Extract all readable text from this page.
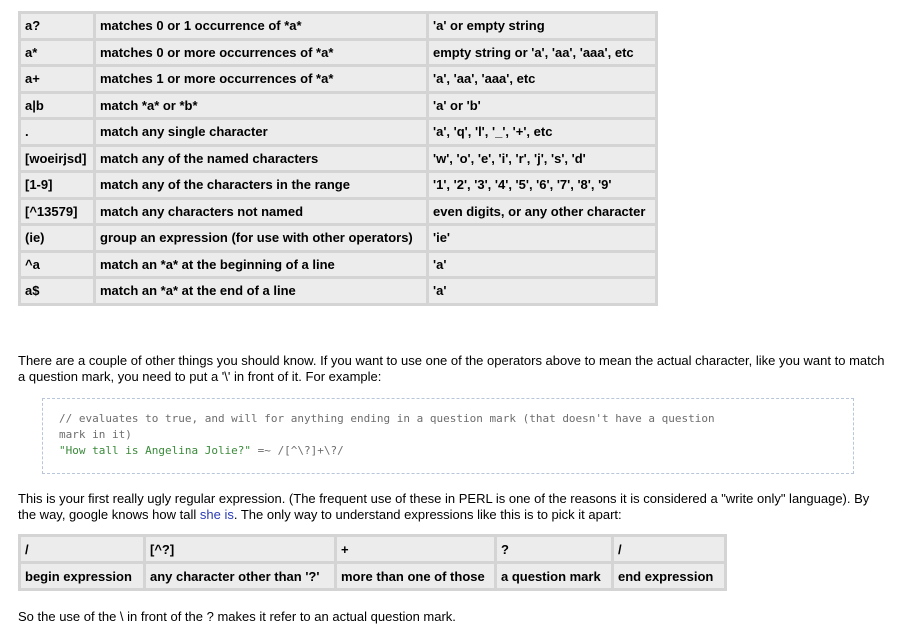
a?	matches 0 or 1 occurrence of *a*	'a' or empty string
a*	matches 0 or more occurrences of *a*	empty string or 'a', 'aa', 'aaa', etc
a+	matches 1 or more occurrences of *a*	'a', 'aa', 'aaa', etc
a|b	match *a* or *b*	'a' or 'b'
.	match any single character	'a', 'q', 'l', '_', '+', etc
[woeirjsd]	match any of the named characters	'w', 'o', 'e', 'i', 'r', 'j', 's', 'd'
[1-9]	match any of the characters in the range	'1', '2', '3', '4', '5', '6', '7', '8', '9'
[^13579]	match any characters not named	even digits, or any other character
(ie)	group an expression (for use with other operators)	'ie'
^a	match an *a* at the beginning of a line	'a'
a$	match an *a* at the end of a line	'a'

There are a couple of other things you should know. If you want to use one of the operators above to mean the actual character, like you want to match a question mark, you need to put a '\' in front of it. For example:

// evaluates to true, and will for anything ending in a question mark (that doesn't have a question
mark in it)
"How tall is Angelina Jolie?" =~ /[^\?]+\?/

This is your first really ugly regular expression. (The frequent use of these in PERL is one of the reasons it is considered a "write only" language). By the way, google knows how tall she is. The only way to understand expressions like this is to pick it apart:

/	[^?]	+	?	/
begin expression	any character other than '?'	more than one of those	a question mark	end expression

So the use of the \ in front of the ? makes it refer to an actual question mark.
